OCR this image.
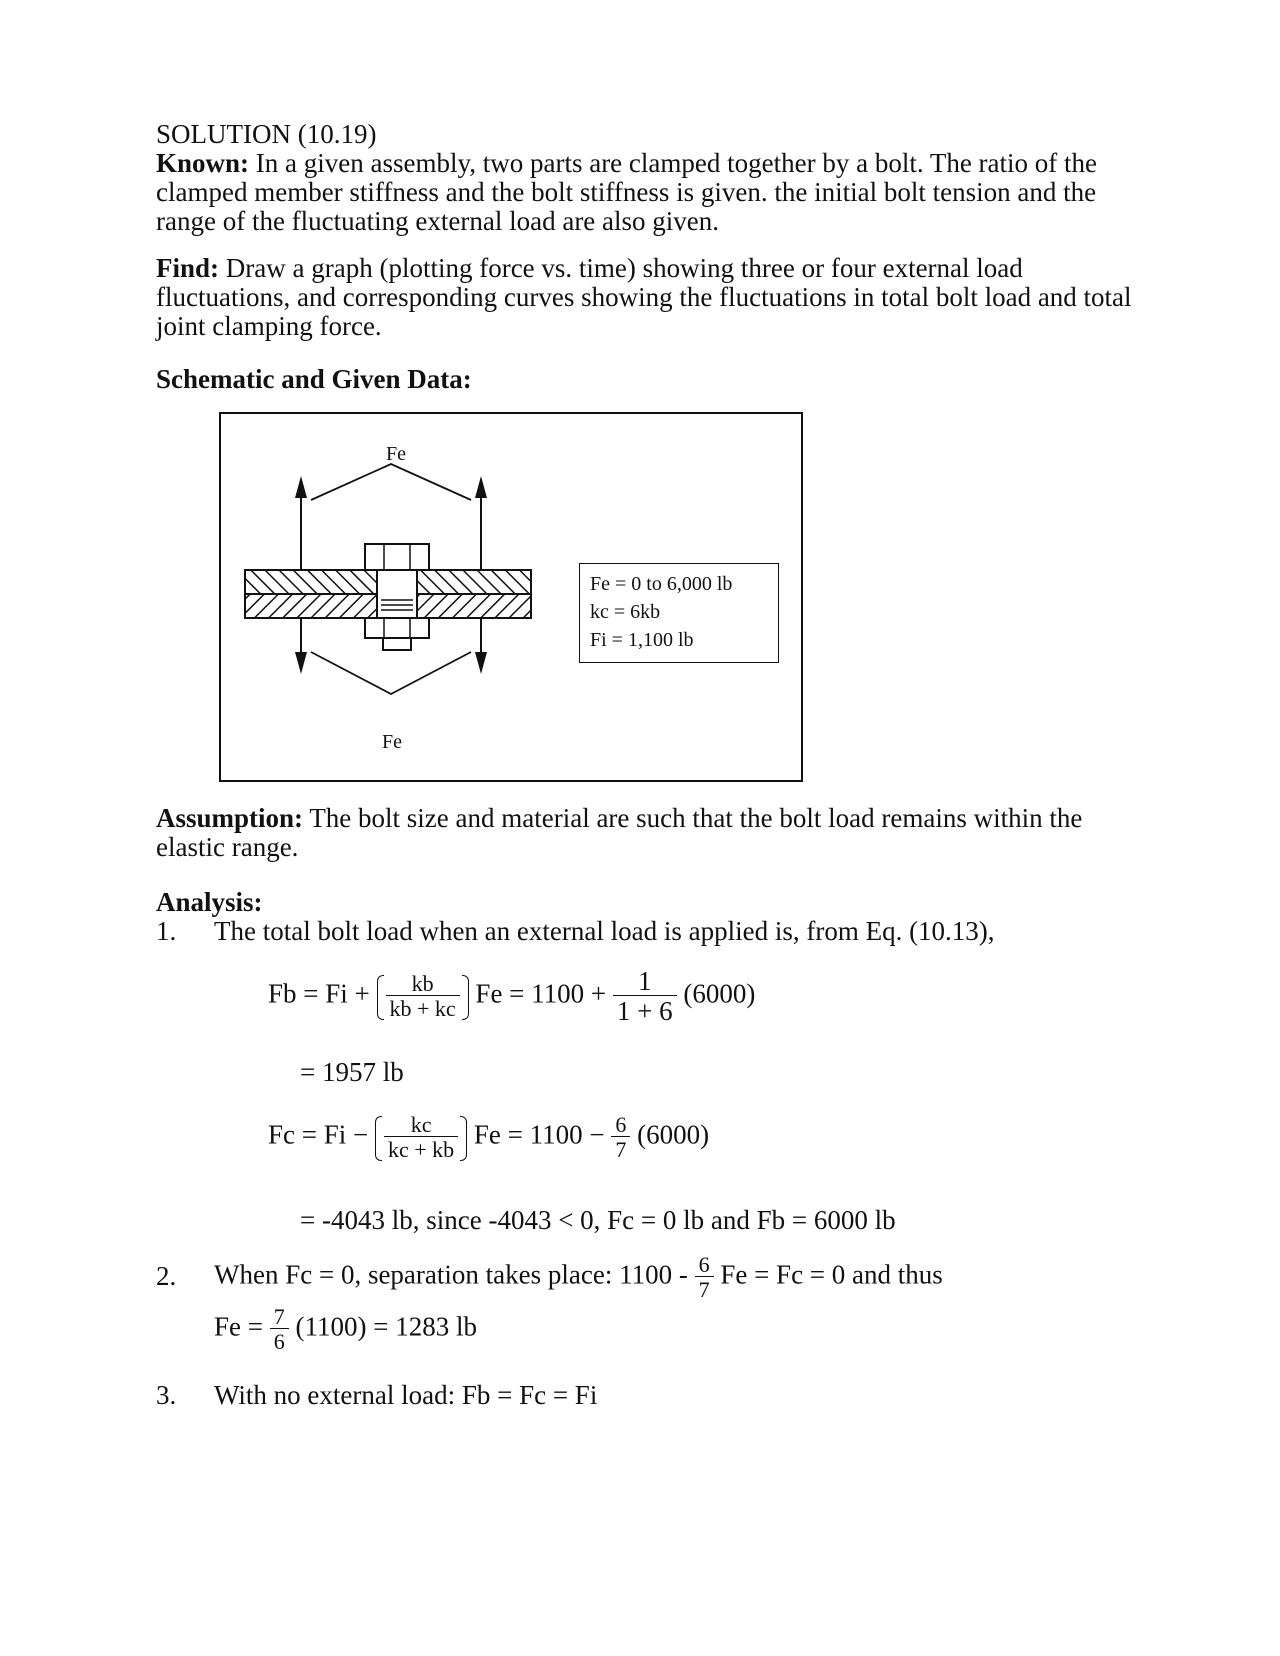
SOLUTION (10.19)
Known: In a given assembly, two parts are clamped together by a bolt. The ratio of the clamped member stiffness and the bolt stiffness is given. the initial bolt tension and the range of the fluctuating external load are also given.
Find: Draw a graph (plotting force vs. time) showing three or four external load fluctuations, and corresponding curves showing the fluctuations in total bolt load and total joint clamping force.
Schematic and Given Data:
Fe
Fe
Fe = 0 to 6,000 lb
kc = 6kb
Fi = 1,100 lb
Assumption: The bolt size and material are such that the bolt load remains within the elastic range.
Analysis:
1. The total bolt load when an external load is applied is, from Eq. (10.13),
$Fb = Fi + \frac{kb}{kb + kc}$ $Fe = 1100 + \frac{1}{1 + 6} (6000)$
= 1957 lb
$Fc = Fi - \frac{kc}{kc + kb}$ $Fe = 1100 - \frac{6}{7} (6000)$
= -4043 lb, since -4043 < 0, Fc = 0 lb and Fb = 6000 lb
2. When Fc = 0, separation takes place: $1100 - \frac{6}{7}$ Fe = Fc = 0 and thus
$Fe = \frac{7}{6} (1100) = 1283$ lb
3. With no external load: Fb = Fc = Fi
